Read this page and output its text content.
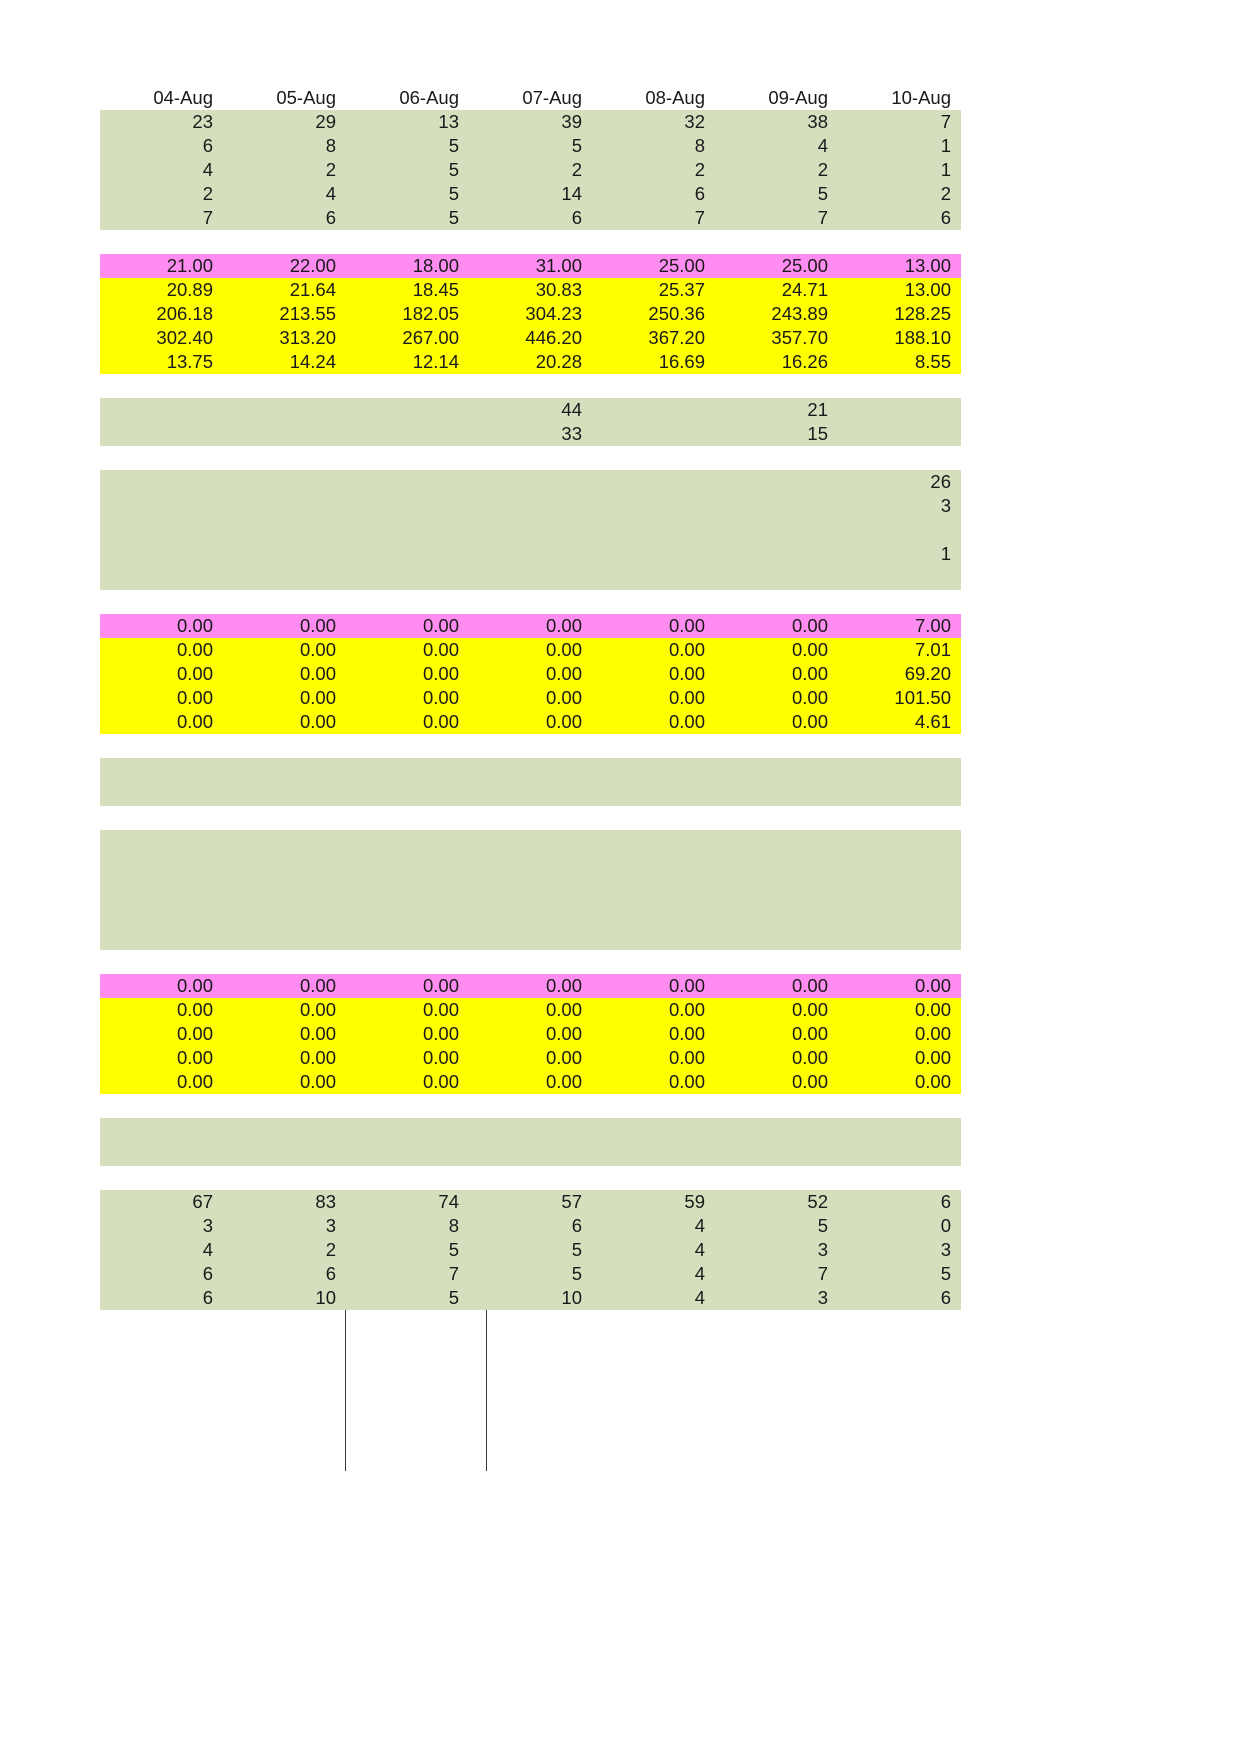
04-Aug	05-Aug	06-Aug	07-Aug	08-Aug	09-Aug	10-Aug
23	29	13	39	32	38	7
6	8	5	5	8	4	1
4	2	5	2	2	2	1
2	4	5	14	6	5	2
7	6	5	6	7	7	6

21.00	22.00	18.00	31.00	25.00	25.00	13.00
20.89	21.64	18.45	30.83	25.37	24.71	13.00
206.18	213.55	182.05	304.23	250.36	243.89	128.25
302.40	313.20	267.00	446.20	367.20	357.70	188.10
13.75	14.24	12.14	20.28	16.69	16.26	8.55

			44		21	
			33		15	

						26
						3

						1

0.00	0.00	0.00	0.00	0.00	0.00	7.00
0.00	0.00	0.00	0.00	0.00	0.00	7.01
0.00	0.00	0.00	0.00	0.00	0.00	69.20
0.00	0.00	0.00	0.00	0.00	0.00	101.50
0.00	0.00	0.00	0.00	0.00	0.00	4.61

0.00	0.00	0.00	0.00	0.00	0.00	0.00
0.00	0.00	0.00	0.00	0.00	0.00	0.00
0.00	0.00	0.00	0.00	0.00	0.00	0.00
0.00	0.00	0.00	0.00	0.00	0.00	0.00
0.00	0.00	0.00	0.00	0.00	0.00	0.00

67	83	74	57	59	52	6
3	3	8	6	4	5	0
4	2	5	5	4	3	3
6	6	7	5	4	7	5
6	10	5	10	4	3	6
